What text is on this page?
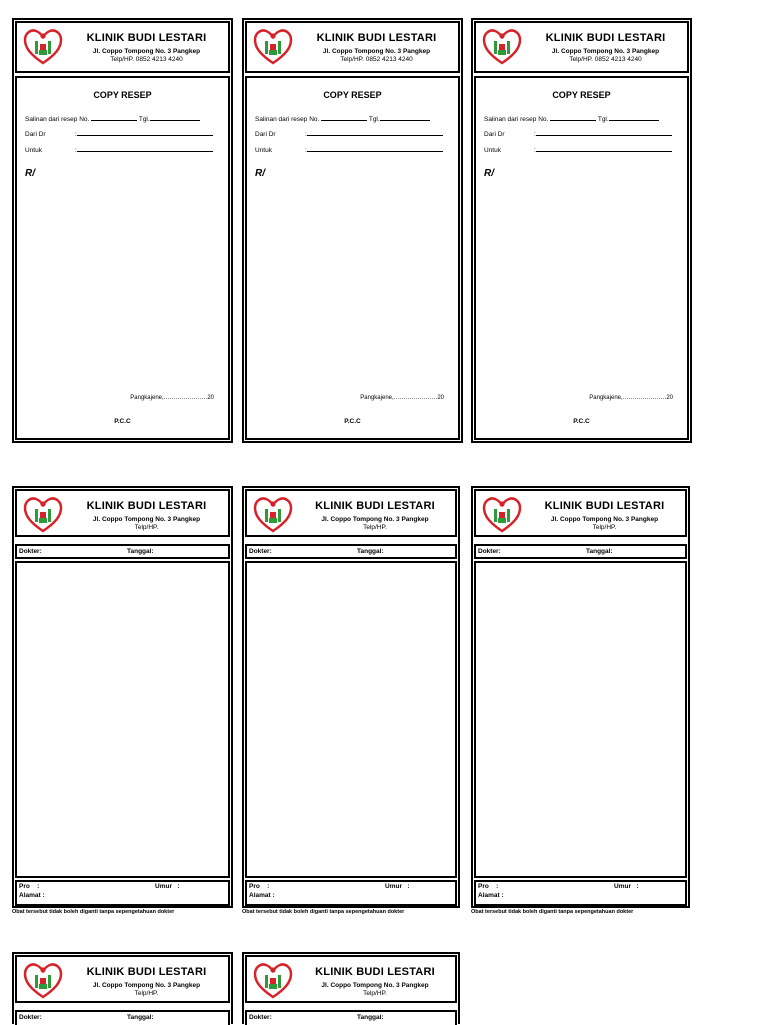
KLINIK BUDI LESTARI
Jl. Coppo Tompong No. 3 Pangkep
Telp/HP. 0852 4213 4240
COPY RESEP
Salinan dari resep No.	Tgl.
Dari Dr	:
Untuk	:
R/
Pangkajene,………………….20
P.C.C
KLINIK BUDI LESTARI
Jl. Coppo Tompong No. 3 Pangkep
Telp/HP. 0852 4213 4240
COPY RESEP
Salinan dari resep No.	Tgl.
Dari Dr	:
Untuk	:
R/
Pangkajene,………………….20
P.C.C
KLINIK BUDI LESTARI
Jl. Coppo Tompong No. 3 Pangkep
Telp/HP. 0852 4213 4240
COPY RESEP
Salinan dari resep No.	Tgl.
Dari Dr	:
Untuk	:
R/
Pangkajene,………………….20
P.C.C
KLINIK BUDI LESTARI
Jl. Coppo Tompong No. 3 Pangkep
Telp/HP.
Dokter:	Tanggal:
Pro :	Umur :
Alamat :
Obat tersebut tidak boleh diganti tanpa sepengetahuan dokter
KLINIK BUDI LESTARI
Jl. Coppo Tompong No. 3 Pangkep
Telp/HP.
Dokter:	Tanggal:
Pro :	Umur :
Alamat :
Obat tersebut tidak boleh diganti tanpa sepengetahuan dokter
KLINIK BUDI LESTARI
Jl. Coppo Tompong No. 3 Pangkep
Telp/HP.
Dokter:	Tanggal:
Pro :	Umur :
Alamat :
Obat tersebut tidak boleh diganti tanpa sepengetahuan dokter
KLINIK BUDI LESTARI
Jl. Coppo Tompong No. 3 Pangkep
Telp/HP.
Dokter:	Tanggal:
KLINIK BUDI LESTARI
Jl. Coppo Tompong No. 3 Pangkep
Telp/HP.
Dokter:	Tanggal:
